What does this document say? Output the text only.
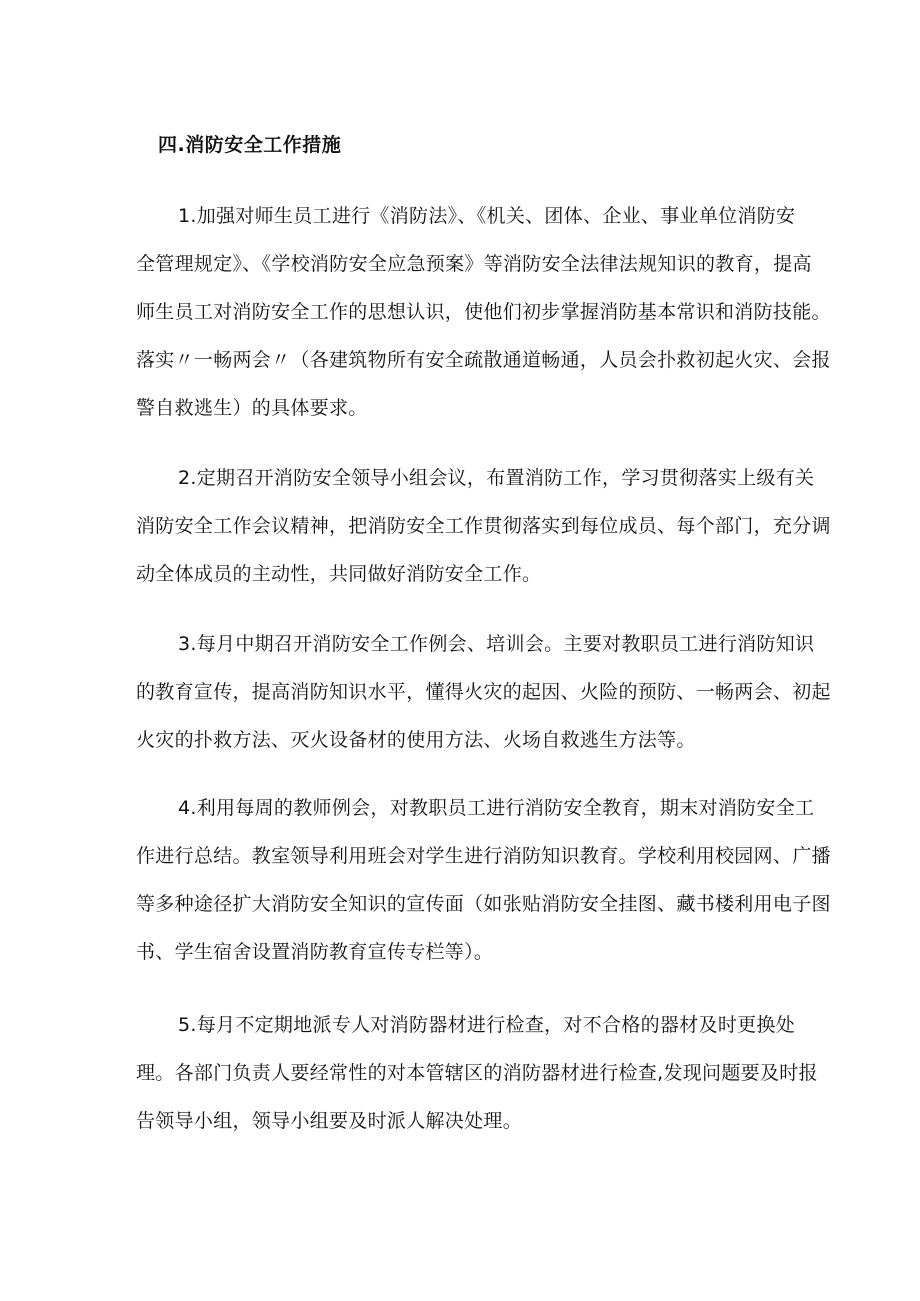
四.消防安全工作措施
1.加强对师生员工进行《消防法》、《机关、团体、企业、事业单位消防安
全管理规定》、《学校消防安全应急预案》等消防安全法律法规知识的教育，提高
师生员工对消防安全工作的思想认识，使他们初步掌握消防基本常识和消防技能。
落实〃一畅两会〃（各建筑物所有安全疏散通道畅通，人员会扑救初起火灾、会报
警自救逃生）的具体要求。
2.定期召开消防安全领导小组会议，布置消防工作，学习贯彻落实上级有关
消防安全工作会议精神，把消防安全工作贯彻落实到每位成员、每个部门，充分调
动全体成员的主动性，共同做好消防安全工作。
3.每月中期召开消防安全工作例会、培训会。主要对教职员工进行消防知识
的教育宣传，提高消防知识水平，懂得火灾的起因、火险的预防、一畅两会、初起
火灾的扑救方法、灭火设备材的使用方法、火场自救逃生方法等。
4.利用每周的教师例会，对教职员工进行消防安全教育，期末对消防安全工
作进行总结。教室领导利用班会对学生进行消防知识教育。学校利用校园网、广播
等多种途径扩大消防安全知识的宣传面（如张贴消防安全挂图、藏书楼利用电子图
书、学生宿舍设置消防教育宣传专栏等）。
5.每月不定期地派专人对消防器材进行检查，对不合格的器材及时更换处
理。各部门负责人要经常性的对本管辖区的消防器材进行检查,发现问题要及时报
告领导小组，领导小组要及时派人解决处理。
